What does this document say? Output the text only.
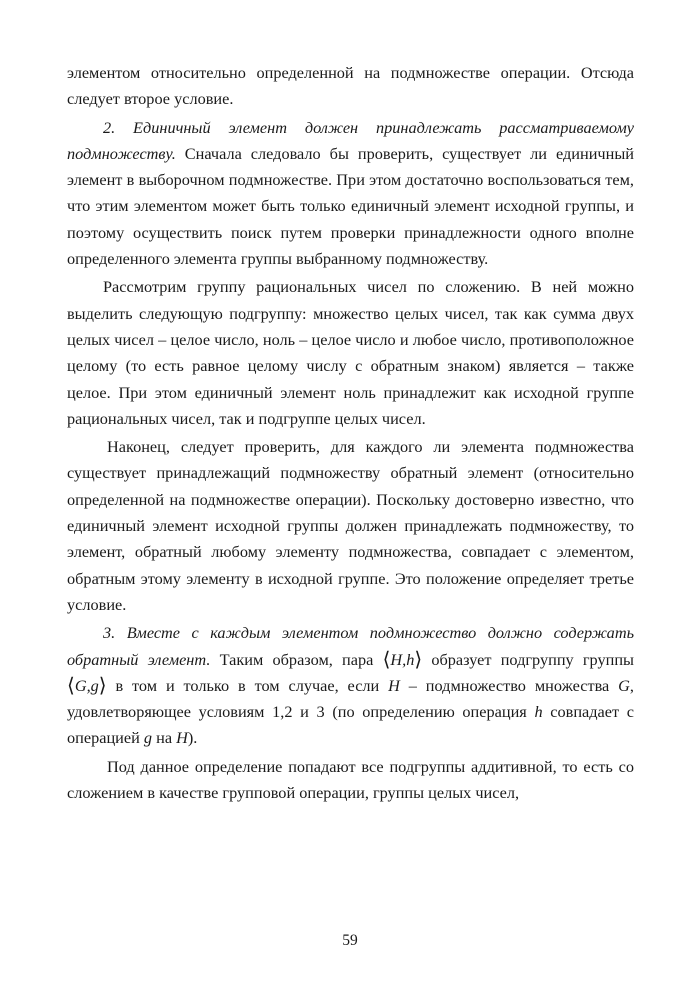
элементом относительно определенной на подмножестве операции. Отсюда следует второе условие.

2. Единичный элемент должен принадлежать рассматриваемому подмножеству. Сначала следовало бы проверить, существует ли единичный элемент в выборочном подмножестве. При этом достаточно воспользоваться тем, что этим элементом может быть только единичный элемент исходной группы, и поэтому осуществить поиск путем проверки принадлежности одного вполне определенного элемента группы выбранному подмножеству.

Рассмотрим группу рациональных чисел по сложению. В ней можно выделить следующую подгруппу: множество целых чисел, так как сумма двух целых чисел – целое число, ноль – целое число и любое число, противоположное целому (то есть равное целому числу с обратным знаком) является – также целое. При этом единичный элемент ноль принадлежит как исходной группе рациональных чисел, так и подгруппе целых чисел.

Наконец, следует проверить, для каждого ли элемента подмножества существует принадлежащий подмножеству обратный элемент (относительно определенной на подмножестве операции). Поскольку достоверно известно, что единичный элемент исходной группы должен принадлежать подмножеству, то элемент, обратный любому элементу подмножества, совпадает с элементом, обратным этому элементу в исходной группе. Это положение определяет третье условие.

3. Вместе с каждым элементом подмножество должно содержать обратный элемент. Таким образом, пара ⟨H,h⟩ образует подгруппу группы ⟨G,g⟩ в том и только в том случае, если H – подмножество множества G, удовлетворяющее условиям 1,2 и 3 (по определению операция h совпадает с операцией g на H).

Под данное определение попадают все подгруппы аддитивной, то есть со сложением в качестве групповой операции, группы целых чисел,

59
